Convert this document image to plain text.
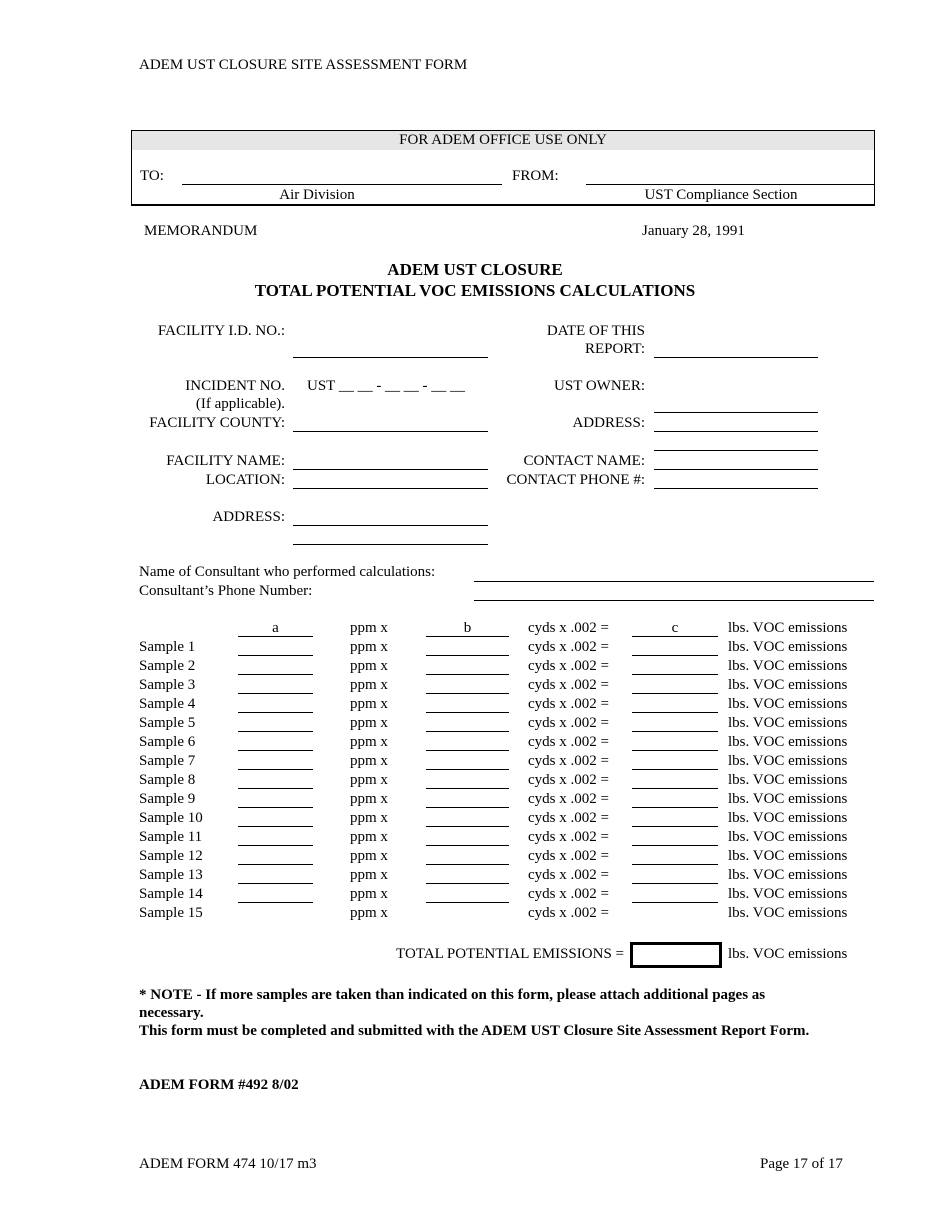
ADEM UST CLOSURE SITE ASSESSMENT FORM
FOR ADEM OFFICE USE ONLY
TO:
Air Division
FROM:
UST Compliance Section
MEMORANDUM	January 28, 1991
ADEM UST CLOSURE
TOTAL POTENTIAL VOC EMISSIONS CALCULATIONS
FACILITY I.D. NO.:	DATE OF THIS
REPORT:
INCIDENT NO.
(If applicable).
UST __ __ - __ __ - __ __	UST OWNER:
FACILITY COUNTY:	ADDRESS:
FACILITY NAME:	CONTACT NAME:
LOCATION:	CONTACT PHONE #:
ADDRESS:
Name of Consultant who performed calculations:
Consultant’s Phone Number:
a	ppm x	b	cyds x .002 =	c	lbs. VOC emissions
Sample 1	ppm x	cyds x .002 =	lbs. VOC emissions
Sample 2	ppm x	cyds x .002 =	lbs. VOC emissions
Sample 3	ppm x	cyds x .002 =	lbs. VOC emissions
Sample 4	ppm x	cyds x .002 =	lbs. VOC emissions
Sample 5	ppm x	cyds x .002 =	lbs. VOC emissions
Sample 6	ppm x	cyds x .002 =	lbs. VOC emissions
Sample 7	ppm x	cyds x .002 =	lbs. VOC emissions
Sample 8	ppm x	cyds x .002 =	lbs. VOC emissions
Sample 9	ppm x	cyds x .002 =	lbs. VOC emissions
Sample 10	ppm x	cyds x .002 =	lbs. VOC emissions
Sample 11	ppm x	cyds x .002 =	lbs. VOC emissions
Sample 12	ppm x	cyds x .002 =	lbs. VOC emissions
Sample 13	ppm x	cyds x .002 =	lbs. VOC emissions
Sample 14	ppm x	cyds x .002 =	lbs. VOC emissions
Sample 15	ppm x	cyds x .002 =	lbs. VOC emissions
TOTAL POTENTIAL EMISSIONS =	lbs. VOC emissions
* NOTE - If more samples are taken than indicated on this form, please attach additional pages as necessary.
This form must be completed and submitted with the ADEM UST Closure Site Assessment Report Form.
ADEM FORM #492 8/02
ADEM FORM 474 10/17 m3	Page 17 of 17
